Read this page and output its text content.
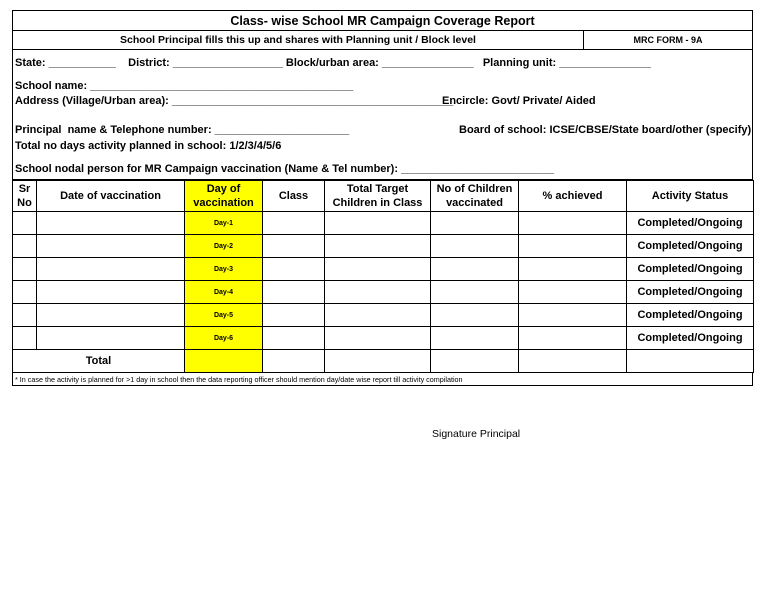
Class- wise School MR Campaign Coverage Report
School Principal fills this up and shares with Planning unit / Block level	MRC FORM - 9A
State: ___________    District: __________________ Block/urban area: _______________   Planning unit: _______________
School name: ___________________________________________
Address (Village/Urban area): ______________________________________________
Encircle: Govt/ Private/ Aided
Principal  name & Telephone number: ______________________	Board of school: ICSE/CBSE/State board/other (specify)
Total no days activity planned in school: 1/2/3/4/5/6
School nodal person for MR Campaign vaccination (Name & Tel number): _________________________
Sr No	Date of vaccination	Day of vaccination	Class	Total Target Children in Class	No of Children vaccinated	% achieved	Activity Status
		Day-1					Completed/Ongoing
		Day-2					Completed/Ongoing
		Day-3					Completed/Ongoing
		Day-4					Completed/Ongoing
		Day-5					Completed/Ongoing
		Day-6					Completed/Ongoing
Total							
* In case the activity is planned for >1 day in school then the data reporting officer should mention day/date wise report till activity compilation
Signature Principal
